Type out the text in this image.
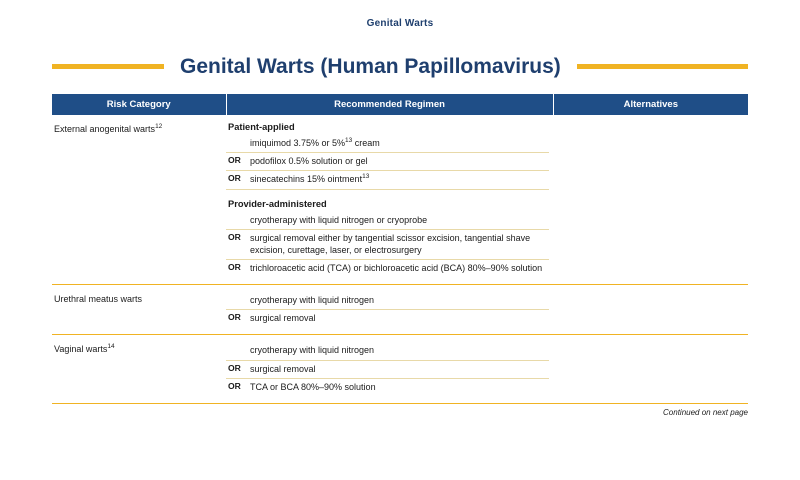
Genital Warts
Genital Warts (Human Papillomavirus)
Risk Category	Recommended Regimen	Alternatives
External anogenital warts$^{12}$	Patient-applied
imiquimod 3.75% or 5%$^{13}$ cream
OR	podofilox 0.5% solution or gel
OR	sinecatechins 15% ointment$^{13}$
Provider-administered
cryotherapy with liquid nitrogen or cryoprobe
OR	surgical removal either by tangential scissor excision, tangential shave excision, curettage, laser, or electrosurgery
OR	trichloroacetic acid (TCA) or bichloroacetic acid (BCA) 80%–90% solution

Urethral meatus warts	cryotherapy with liquid nitrogen
OR surgical removal	

Vaginal warts$^{14}$	cryotherapy with liquid nitrogen
OR surgical removal
OR TCA or BCA 80%–90% solution	

Continued on next page
